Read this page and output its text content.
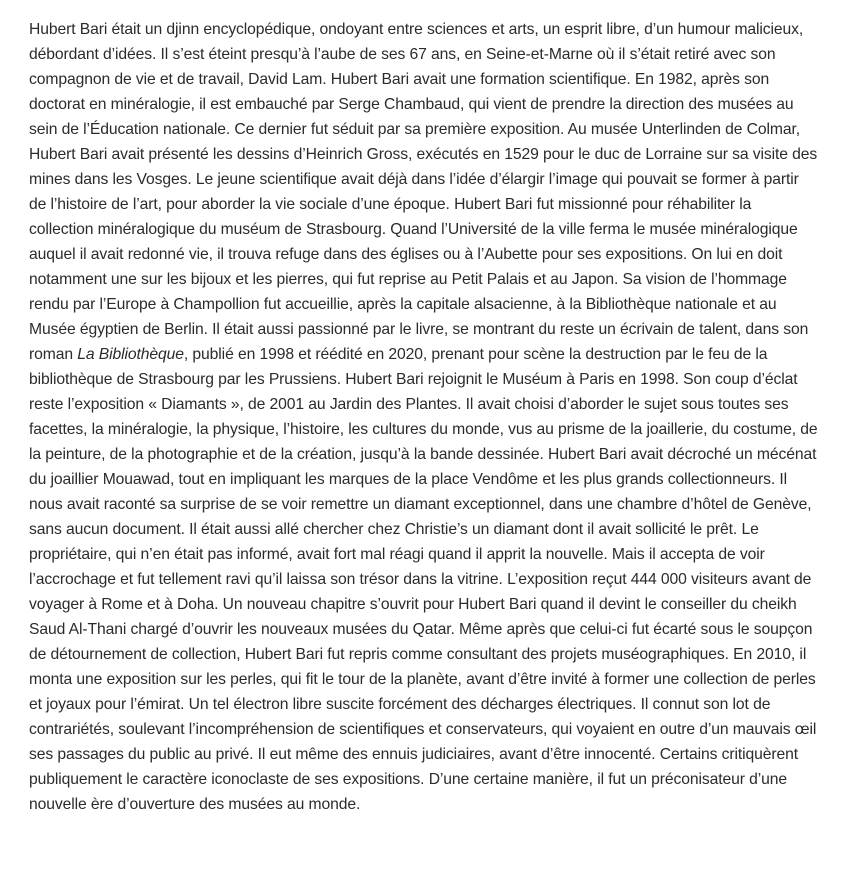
Hubert Bari était un djinn encyclopédique, ondoyant entre sciences et arts, un esprit libre, d’un humour malicieux, débordant d’idées. Il s’est éteint presqu’à l’aube de ses 67 ans, en Seine-et-Marne où il s’était retiré avec son compagnon de vie et de travail, David Lam. Hubert Bari avait une formation scientifique. En 1982, après son doctorat en minéralogie, il est embauché par Serge Chambaud, qui vient de prendre la direction des musées au sein de l’Éducation nationale. Ce dernier fut séduit par sa première exposition. Au musée Unterlinden de Colmar, Hubert Bari avait présenté les dessins d’Heinrich Gross, exécutés en 1529 pour le duc de Lorraine sur sa visite des mines dans les Vosges. Le jeune scientifique avait déjà dans l’idée d’élargir l’image qui pouvait se former à partir de l’histoire de l’art, pour aborder la vie sociale d’une époque. Hubert Bari fut missionné pour réhabiliter la collection minéralogique du muséum de Strasbourg. Quand l’Université de la ville ferma le musée minéralogique auquel il avait redonné vie, il trouva refuge dans des églises ou à l’Aubette pour ses expositions. On lui en doit notamment une sur les bijoux et les pierres, qui fut reprise au Petit Palais et au Japon. Sa vision de l’hommage rendu par l’Europe à Champollion fut accueillie, après la capitale alsacienne, à la Bibliothèque nationale et au Musée égyptien de Berlin. Il était aussi passionné par le livre, se montrant du reste un écrivain de talent, dans son roman La Bibliothèque, publié en 1998 et réédité en 2020, prenant pour scène la destruction par le feu de la bibliothèque de Strasbourg par les Prussiens. Hubert Bari rejoignit le Muséum à Paris en 1998. Son coup d’éclat reste l’exposition « Diamants », de 2001 au Jardin des Plantes. Il avait choisi d’aborder le sujet sous toutes ses facettes, la minéralogie, la physique, l’histoire, les cultures du monde, vus au prisme de la joaillerie, du costume, de la peinture, de la photographie et de la création, jusqu’à la bande dessinée. Hubert Bari avait décroché un mécénat du joaillier Mouawad, tout en impliquant les marques de la place Vendôme et les plus grands collectionneurs. Il nous avait raconté sa surprise de se voir remettre un diamant exceptionnel, dans une chambre d’hôtel de Genève, sans aucun document. Il était aussi allé chercher chez Christie’s un diamant dont il avait sollicité le prêt. Le propriétaire, qui n’en était pas informé, avait fort mal réagi quand il apprit la nouvelle. Mais il accepta de voir l’accrochage et fut tellement ravi qu’il laissa son trésor dans la vitrine. L’exposition reçut 444 000 visiteurs avant de voyager à Rome et à Doha. Un nouveau chapitre s’ouvrit pour Hubert Bari quand il devint le conseiller du cheikh Saud Al-Thani chargé d’ouvrir les nouveaux musées du Qatar. Même après que celui-ci fut écarté sous le soupçon de détournement de collection, Hubert Bari fut repris comme consultant des projets muséographiques. En 2010, il monta une exposition sur les perles, qui fit le tour de la planète, avant d’être invité à former une collection de perles et joyaux pour l’émirat. Un tel électron libre suscite forcément des décharges électriques. Il connut son lot de contrariétés, soulevant l’incompréhension de scientifiques et conservateurs, qui voyaient en outre d’un mauvais œil ses passages du public au privé. Il eut même des ennuis judiciaires, avant d’être innocenté. Certains critiquèrent publiquement le caractère iconoclaste de ses expositions. D’une certaine manière, il fut un préconisateur d’une nouvelle ère d’ouverture des musées au monde.
